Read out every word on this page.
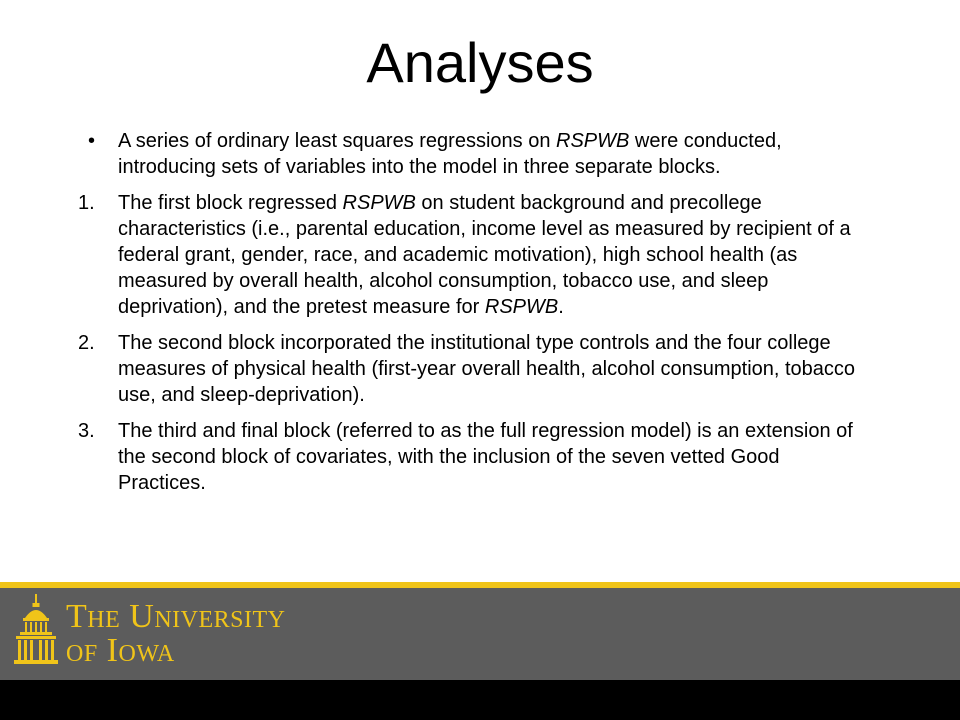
Analyses
• A series of ordinary least squares regressions on RSPWB were conducted, introducing sets of variables into the model in three separate blocks.
1. The first block regressed RSPWB on student background and precollege characteristics (i.e., parental education, income level as measured by recipient of a federal grant, gender, race, and academic motivation), high school health (as measured by overall health, alcohol consumption, tobacco use, and sleep deprivation), and the pretest measure for RSPWB.
2. The second block incorporated the institutional type controls and the four college measures of physical health (first-year overall health, alcohol consumption, tobacco use, and sleep-deprivation).
3. The third and final block (referred to as the full regression model) is an extension of the second block of covariates, with the inclusion of the seven vetted Good Practices.
The University
of Iowa
